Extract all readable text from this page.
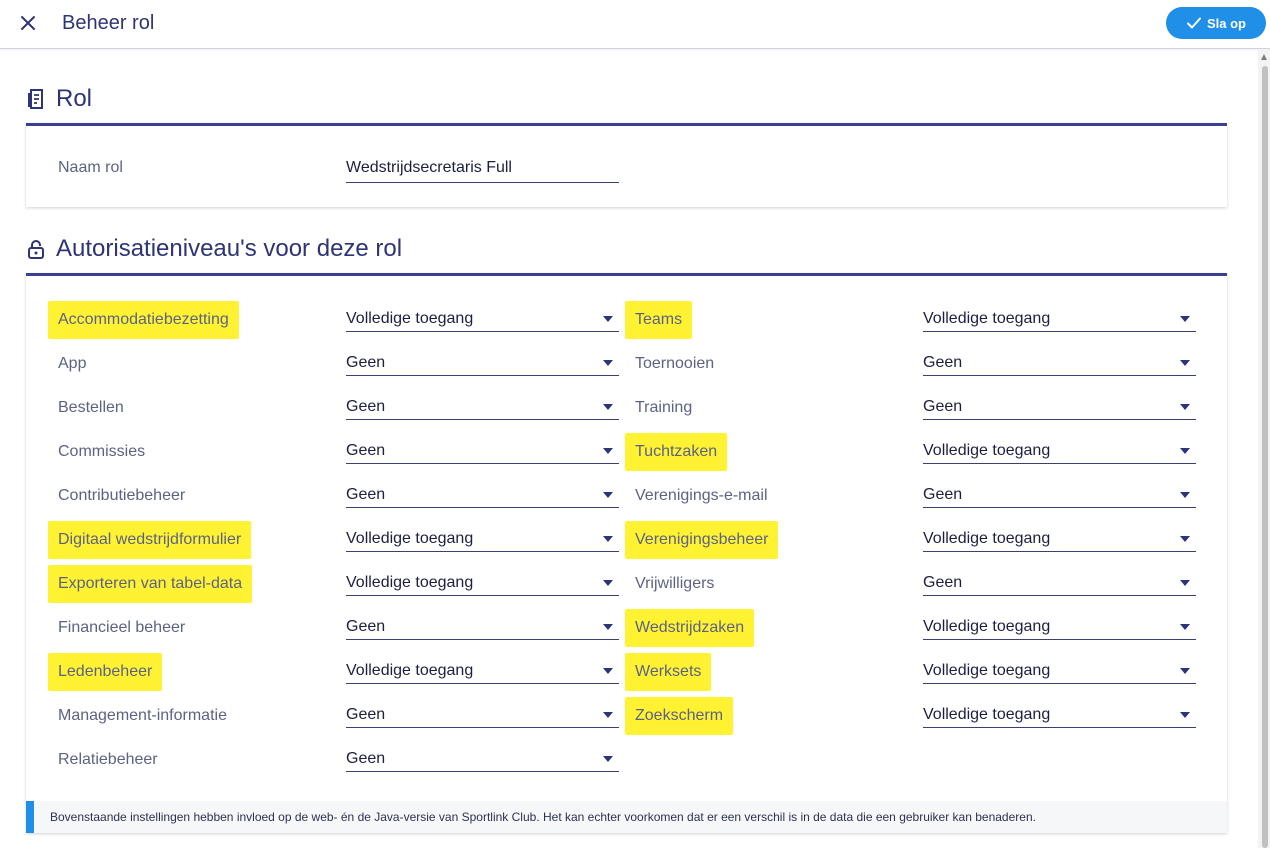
Beheer rol	Sla op
Rol
Naam rol	Wedstrijdsecretaris Full
Autorisatieniveau's voor deze rol
Bovenstaande instellingen hebben invloed op de web- én de Java-versie van Sportlink Club. Het kan echter voorkomen dat er een verschil is in de data die een gebruiker kan benaderen.
Accommodatiebezetting	Volledige toegang
App	Geen
Bestellen	Geen
Commissies	Geen
Contributiebeheer	Geen
Digitaal wedstrijdformulier	Volledige toegang
Exporteren van tabel-data	Volledige toegang
Financieel beheer	Geen
Ledenbeheer	Volledige toegang
Management-informatie	Geen
Relatiebeheer	Geen
Teams	Volledige toegang
Toernooien	Geen
Training	Geen
Tuchtzaken	Volledige toegang
Verenigings-e-mail	Geen
Verenigingsbeheer	Volledige toegang
Vrijwilligers	Geen
Wedstrijdzaken	Volledige toegang
Werksets	Volledige toegang
Zoekscherm	Volledige toegang
